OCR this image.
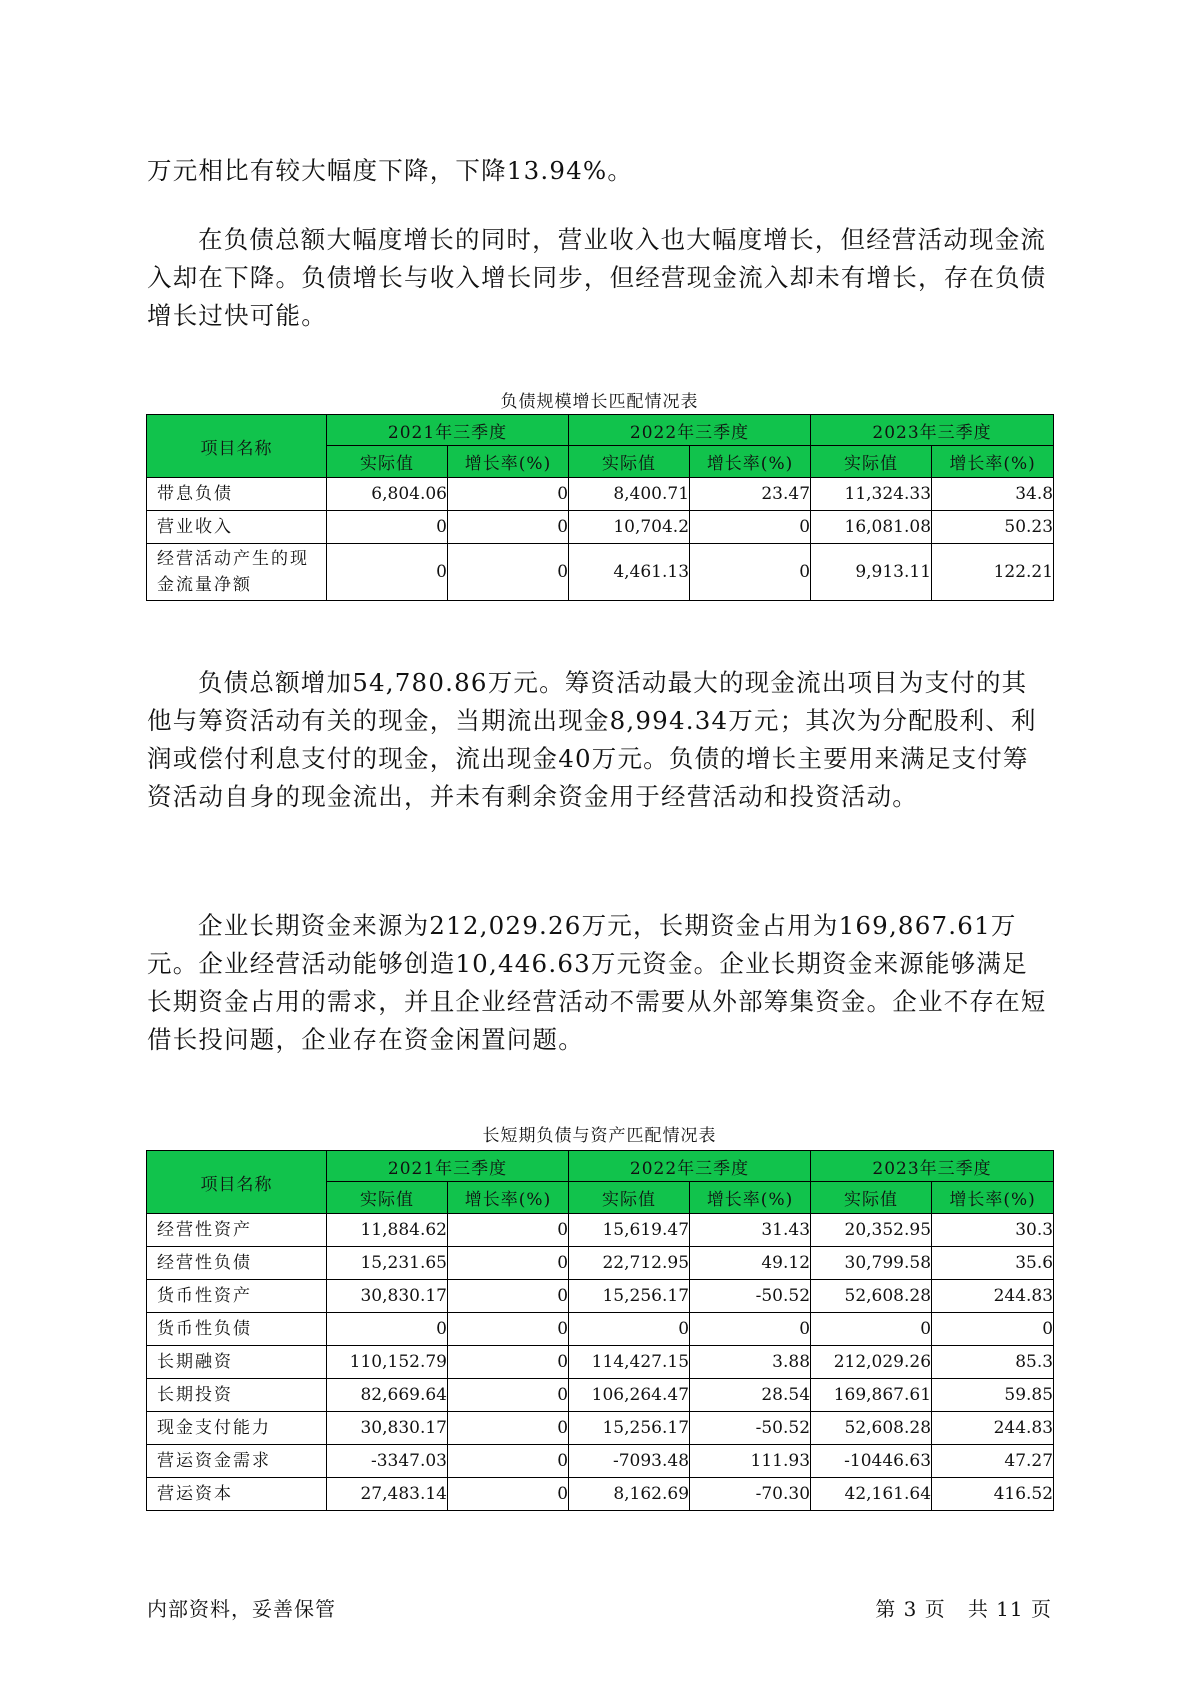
万元相比有较大幅度下降，下降13.94%。

在负债总额大幅度增长的同时，营业收入也大幅度增长，但经营活动现金流入却在下降。负债增长与收入增长同步，但经营现金流入却未有增长，存在负债增长过快可能。

负债规模增长匹配情况表
项目名称	2021年三季度		2022年三季度		2023年三季度	
	实际值	增长率(%)	实际值	增长率(%)	实际值	增长率(%)
带息负债	6,804.06	0	8,400.71	23.47	11,324.33	34.8
营业收入	0	0	10,704.2	0	16,081.08	50.23
经营活动产生的现金流量净额	0	0	4,461.13	0	9,913.11	122.21

负债总额增加54,780.86万元。筹资活动最大的现金流出项目为支付的其他与筹资活动有关的现金，当期流出现金8,994.34万元；其次为分配股利、利润或偿付利息支付的现金，流出现金40万元。负债的增长主要用来满足支付筹资活动自身的现金流出，并未有剩余资金用于经营活动和投资活动。

企业长期资金来源为212,029.26万元，长期资金占用为169,867.61万元。企业经营活动能够创造10,446.63万元资金。企业长期资金来源能够满足长期资金占用的需求，并且企业经营活动不需要从外部筹集资金。企业不存在短借长投问题，企业存在资金闲置问题。

长短期负债与资产匹配情况表
项目名称	2021年三季度		2022年三季度		2023年三季度	
	实际值	增长率(%)	实际值	增长率(%)	实际值	增长率(%)
经营性资产	11,884.62	0	15,619.47	31.43	20,352.95	30.3
经营性负债	15,231.65	0	22,712.95	49.12	30,799.58	35.6
货币性资产	30,830.17	0	15,256.17	-50.52	52,608.28	244.83
货币性负债	0	0	0	0	0	0
长期融资	110,152.79	0	114,427.15	3.88	212,029.26	85.3
长期投资	82,669.64	0	106,264.47	28.54	169,867.61	59.85
现金支付能力	30,830.17	0	15,256.17	-50.52	52,608.28	244.83
营运资金需求	-3347.03	0	-7093.48	111.93	-10446.63	47.27
营运资本	27,483.14	0	8,162.69	-70.30	42,161.64	416.52
内部资料，妥善保管	第 3 页   共 11 页
